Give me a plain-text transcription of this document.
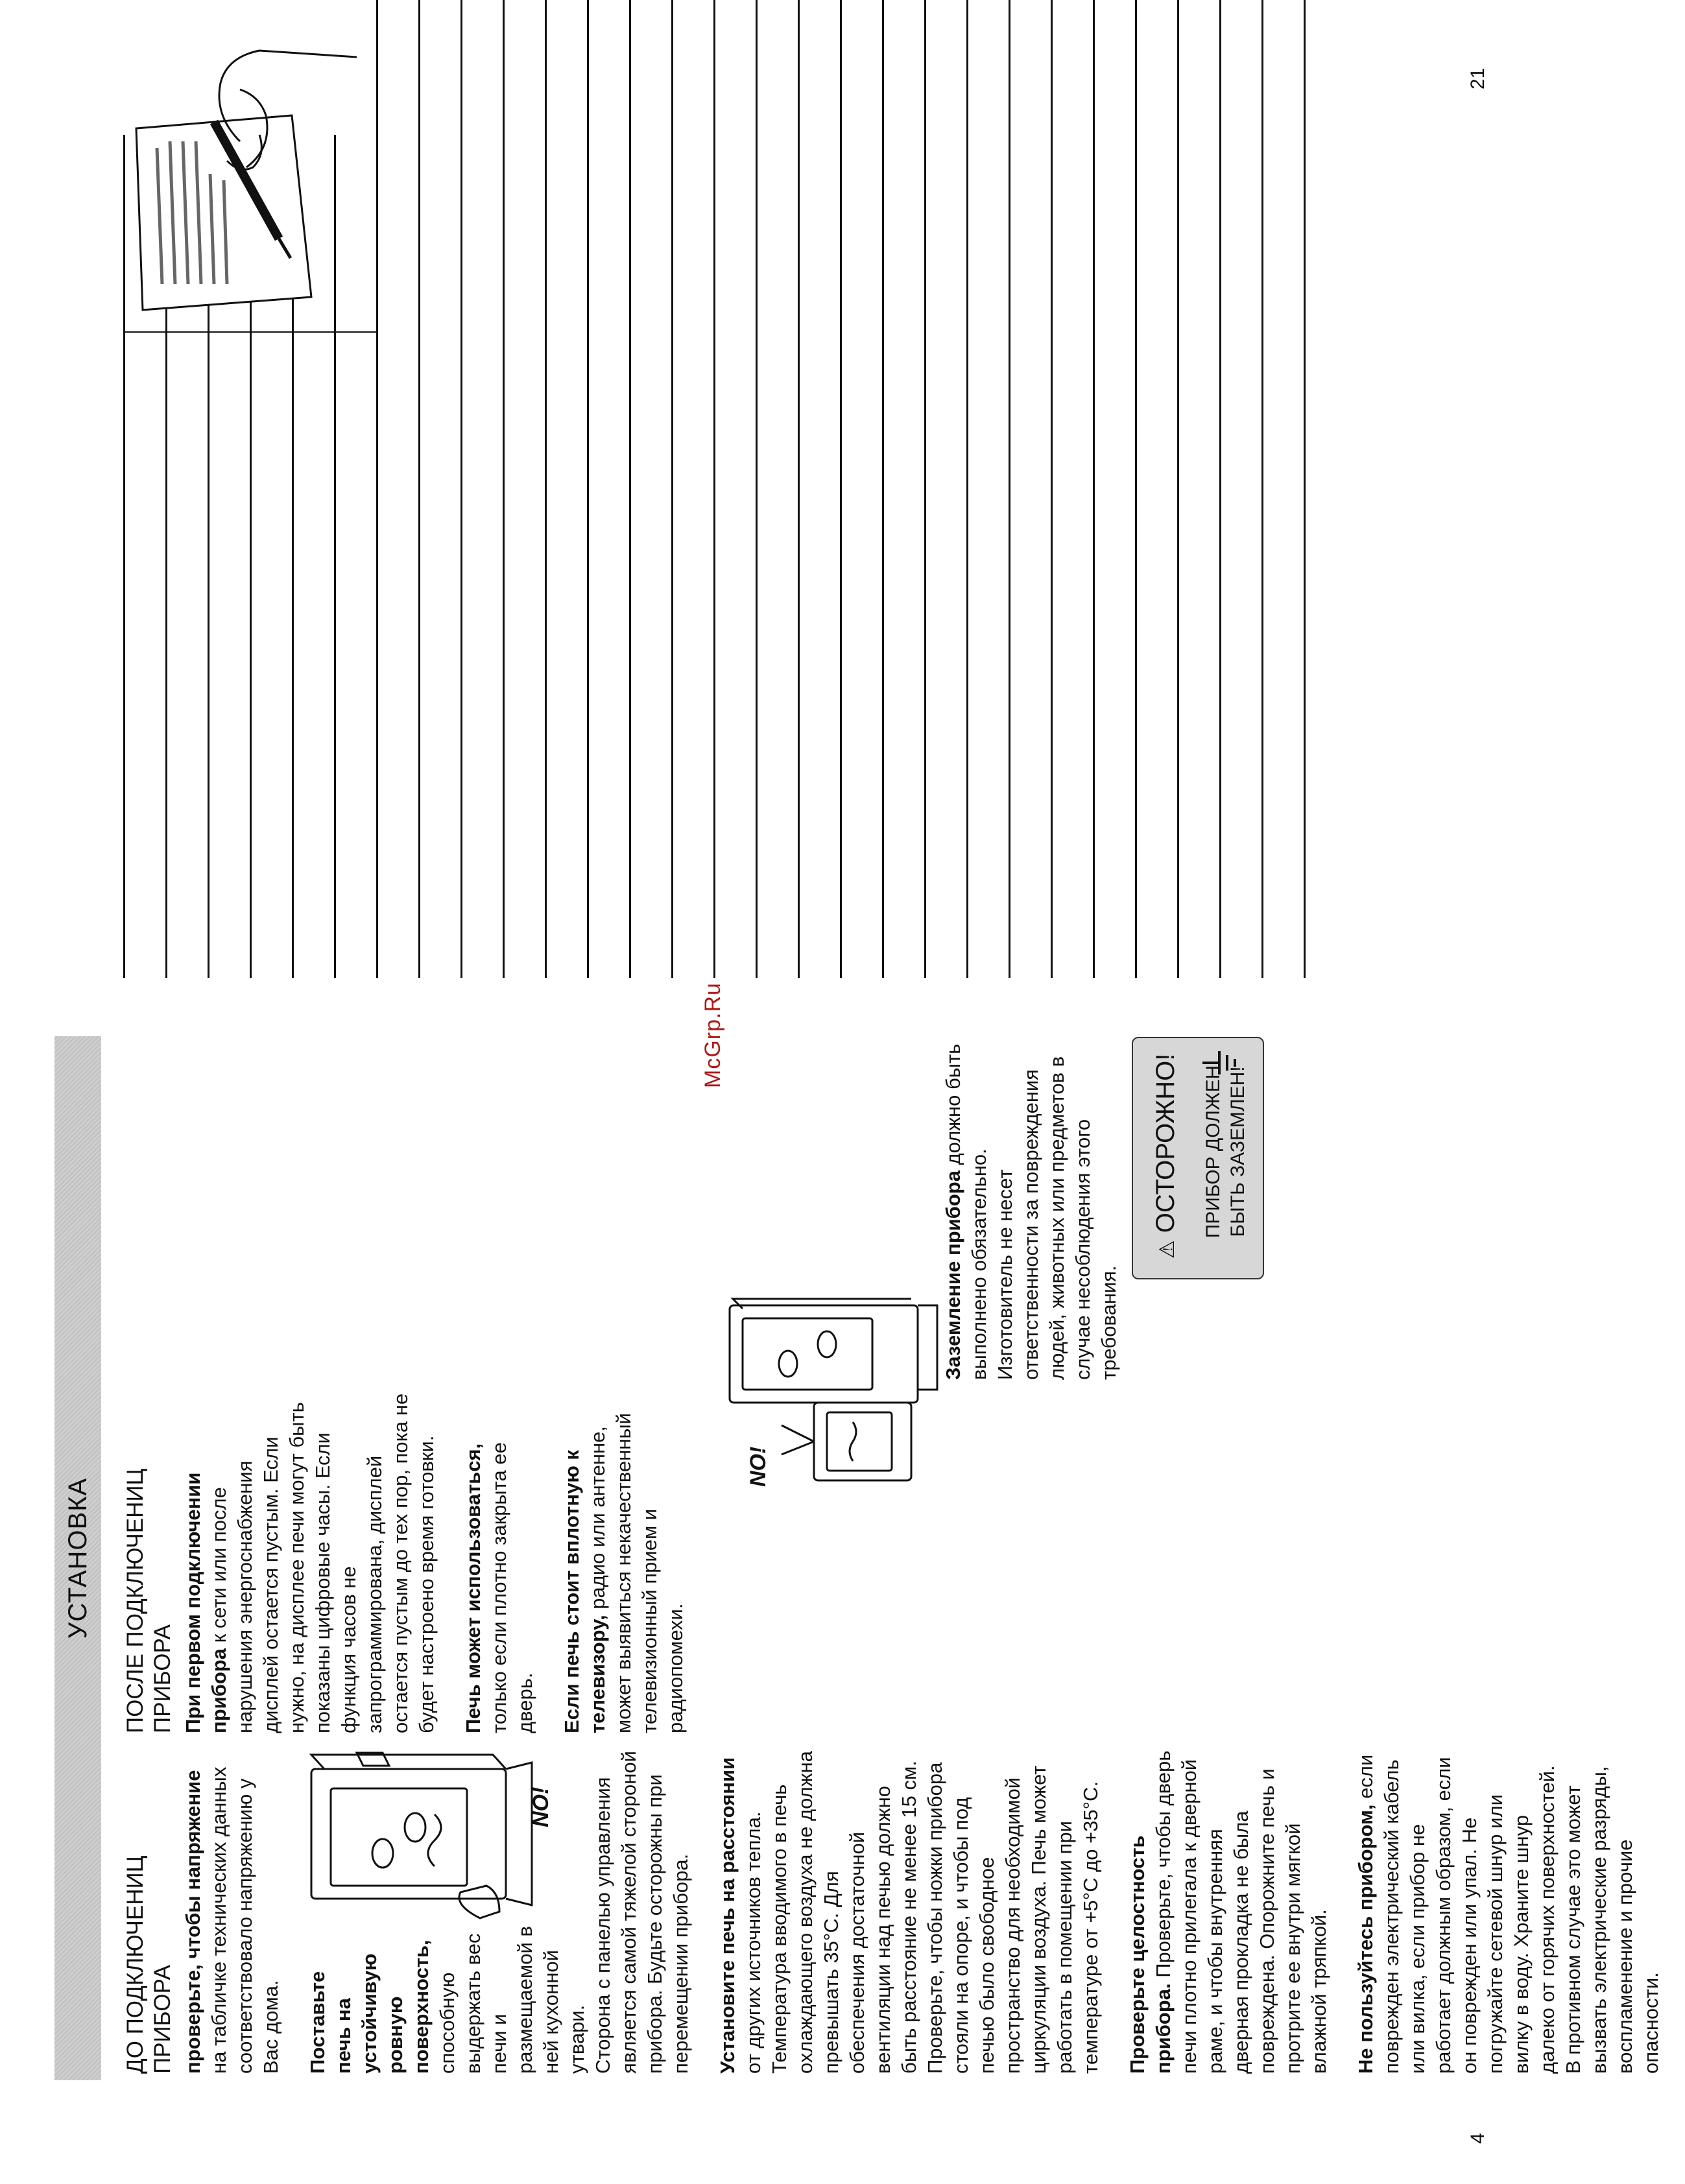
УСТАНОВКА
ДО ПОДКЛЮЧЕНИЦ ПРИБОРА проверьте, чтобы напряжение на табличке технических данных соответствовало напряжению у Вас дома. Поставьте печь на устойчивую ровную поверхность, способную выдержать вес печи и размещаемой в ней кухонной утвари. Сторона с панелью управления является самой тяжелой стороной прибора. Будьте осторожны при перемещении прибора. Установите печь на расстоянии от других источников тепла. Температура вводимого в печь охлаждающего воздуха не должна превышать 35°C. Для обеспечения достаточной вентиляции над печью должно быть расстояние не менее 15 см. Проверьте, чтобы ножки прибора стояли на опоре, и чтобы под печью было свободное пространство для необходимой циркуляции воздуха. Печь может работать в помещении при температуре от +5°C до +35°C. Проверьте целостность прибора. Проверьте, чтобы дверь печи плотно прилегала к дверной раме, и чтобы внутренняя дверная прокладка не была повреждена. Опорожните печь и протрите ее внутри мягкой влажной тряпкой. Не пользуйтесь прибором, если поврежден электрический кабель или вилка, если прибор не работает должным образом, если он поврежден или упал. Не погружайте сетевой шнур или вилку в воду. Храните шнур далеко от горячих поверхностей. В противном случае это может вызвать электрические разряды, воспламенение и прочие опасности.

NO!
ПОСЛЕ ПОДКЛЮЧЕНИЦ ПРИБОРА При первом подключении прибора к сети или после нарушения энергоснабжения дисплей остается пустым. Если нужно, на дисплее печи могут быть показаны цифровые часы. Если функция часов не запрограммирована, дисплей остается пустым до тех пор, пока не будет настроено время готовки. Печь может использоваться, только если плотно закрыта ее дверь. Если печь стоит вплотную к телевизору, радио или антенне, может выявиться некачественный телевизионный прием и радиопомехи.

NO!

Заземление прибора должно быть выполнено обязательно. Изготовитель не несет ответственности за повреждения людей, животных или предметов в случае несоблюдения этого требования.

⚠ ОСТОРОЖНО! ПРИБОР ДОЛЖЕН БЫТЬ ЗАЗЕМЛЕН!
McGrp.Ru
4
21
